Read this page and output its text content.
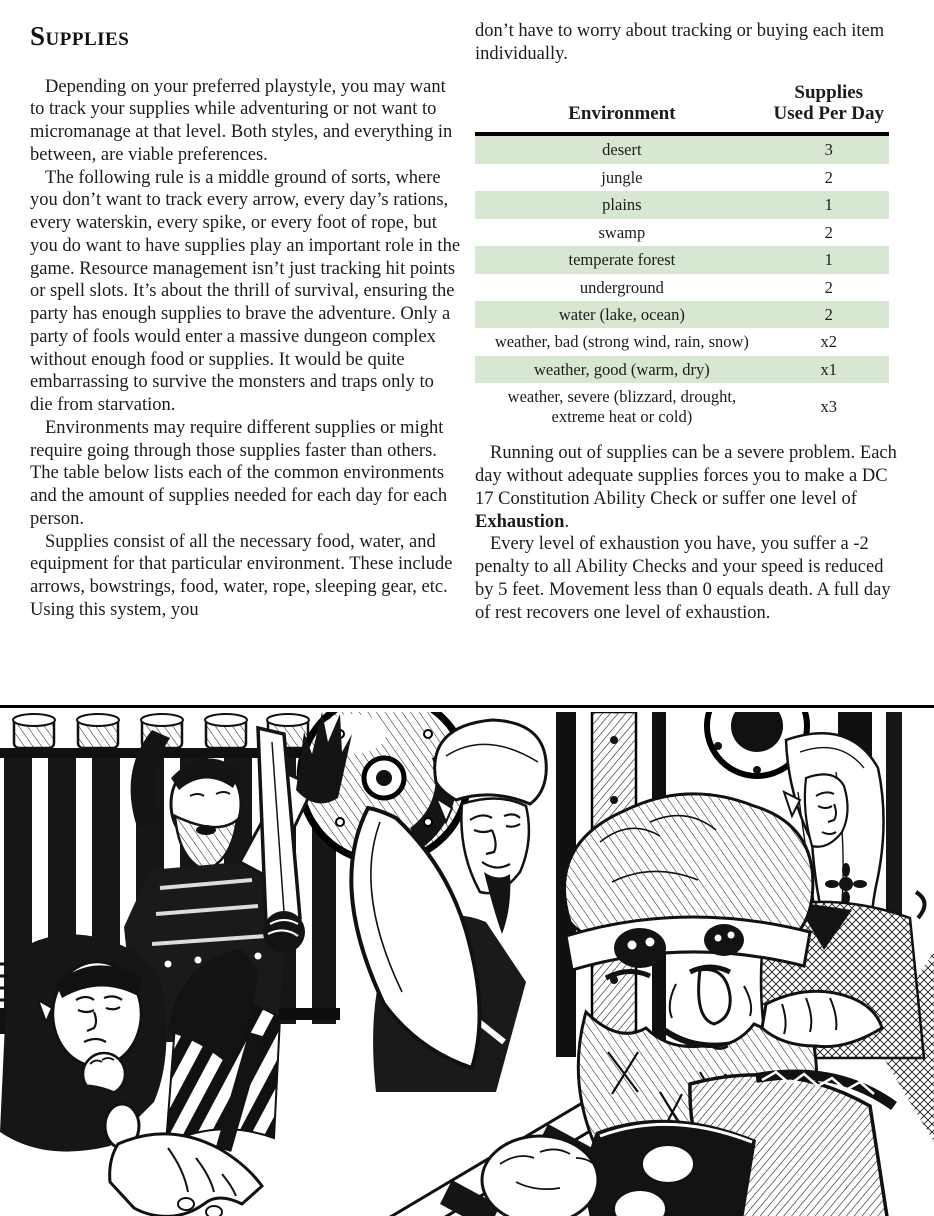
Supplies

Depending on your preferred playstyle, you may want to track your supplies while adventuring or not want to micromanage at that level. Both styles, and everything in between, are viable preferences.

The following rule is a middle ground of sorts, where you don’t want to track every arrow, every day’s rations, every waterskin, every spike, or every foot of rope, but you do want to have supplies play an important role in the game. Resource management isn’t just tracking hit points or spell slots. It’s about the thrill of survival, ensuring the party has enough supplies to brave the adventure. Only a party of fools would enter a massive dungeon complex without enough food or supplies. It would be quite embarrassing to survive the monsters and traps only to die from starvation.

Environments may require different supplies or might require going through those supplies faster than others. The table below lists each of the common environments and the amount of supplies needed for each day for each person.

Supplies consist of all the necessary food, water, and equipment for that particular environment. These include arrows, bowstrings, food, water, rope, sleeping gear, etc. Using this system, you

don’t have to worry about tracking or buying each item individually.

Environment	Supplies Used Per Day
desert	3
jungle	2
plains	1
swamp	2
temperate forest	1
underground	2
water (lake, ocean)	2
weather, bad (strong wind, rain, snow)	x2
weather, good (warm, dry)	x1
weather, severe (blizzard, drought, extreme heat or cold)	x3

Running out of supplies can be a severe problem. Each day without adequate supplies forces you to make a DC 17 Constitution Ability Check or suffer one level of Exhaustion.

Every level of exhaustion you have, you suffer a -2 penalty to all Ability Checks and your speed is reduced by 5 feet. Movement less than 0 equals death. A full day of rest recovers one level of exhaustion.
